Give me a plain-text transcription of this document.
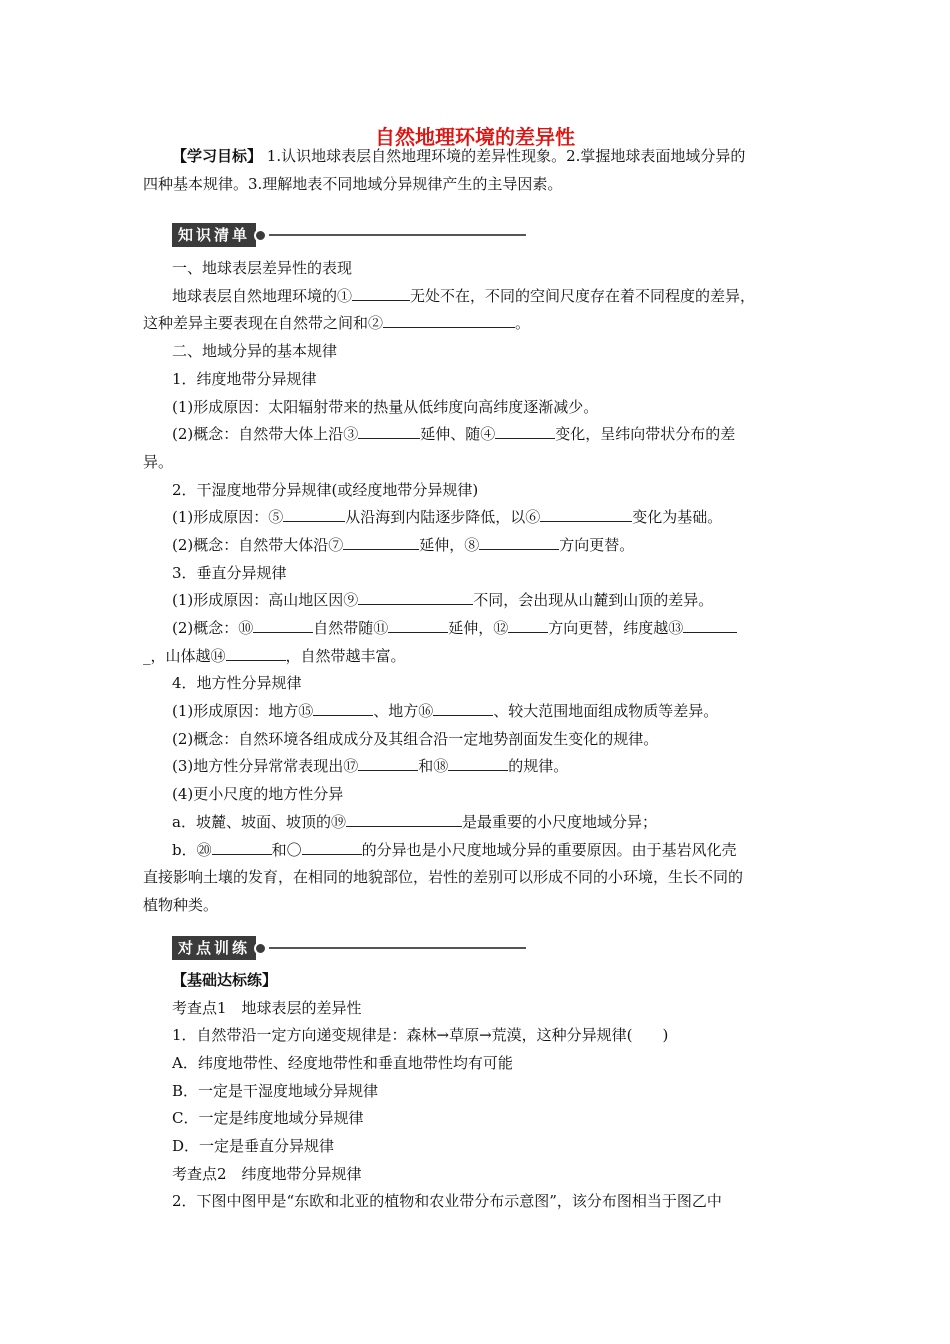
自然地理环境的差异性
【学习目标】 1.认识地球表层自然地理环境的差异性现象。2.掌握地球表面地域分异的
四种基本规律。3.理解地表不同地域分异规律产生的主导因素。
知识清单
一、地球表层差异性的表现
地球表层自然地理环境的①	无处不在，不同的空间尺度存在着不同程度的差异，
这种差异主要表现在自然带之间和②	。
二、地域分异的基本规律
1．纬度地带分异规律
(1)形成原因：太阳辐射带来的热量从低纬度向高纬度逐渐减少。
(2)概念：自然带大体上沿③	延伸、随④	变化，呈纬向带状分布的差
异。
2．干湿度地带分异规律(或经度地带分异规律)
(1)形成原因：⑤	从沿海到内陆逐步降低，以⑥	变化为基础。
(2)概念：自然带大体沿⑦	延伸，⑧	方向更替。
3．垂直分异规律
(1)形成原因：高山地区因⑨	不同，会出现从山麓到山顶的差异。
(2)概念：⑩	自然带随⑪	延伸，⑫	方向更替，纬度越⑬
_，山体越⑭	，自然带越丰富。
4．地方性分异规律
(1)形成原因：地方⑮	、地方⑯	、较大范围地面组成物质等差异。
(2)概念：自然环境各组成成分及其组合沿一定地势剖面发生变化的规律。
(3)地方性分异常常表现出⑰	和⑱	的规律。
(4)更小尺度的地方性分异
a．坡麓、坡面、坡顶的⑲	是最重要的小尺度地域分异；
b．⑳	和〇	的分异也是小尺度地域分异的重要原因。由于基岩风化壳
直接影响土壤的发育，在相同的地貌部位，岩性的差别可以形成不同的小环境，生长不同的
植物种类。
对点训练
【基础达标练】
考查点1　地球表层的差异性
1．自然带沿一定方向递变规律是：森林→草原→荒漠，这种分异规律(　　)
A．纬度地带性、经度地带性和垂直地带性均有可能
B．一定是干湿度地域分异规律
C．一定是纬度地域分异规律
D．一定是垂直分异规律
考查点2　纬度地带分异规律
2．下图中图甲是“东欧和北亚的植物和农业带分布示意图”，该分布图相当于图乙中
